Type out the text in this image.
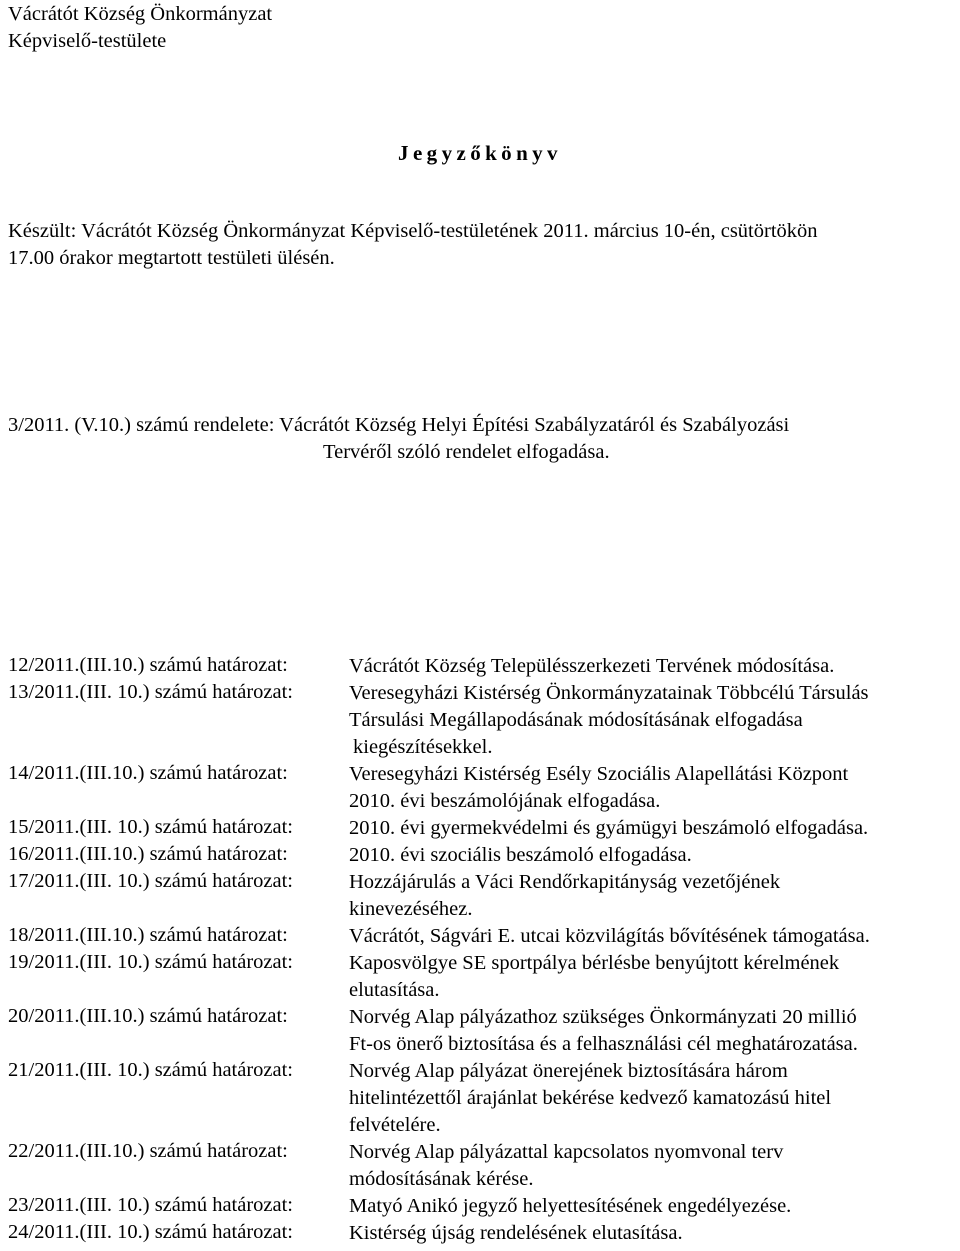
Vácrátót Község Önkormányzat
Képviselő-testülete
Jegyzőkönyv
Készült: Vácrátót Község Önkormányzat Képviselő-testületének 2011. március 10-én, csütörtökön
17.00 órakor megtartott testületi ülésén.
3/2011. (V.10.) számú rendelete: Vácrátót Község Helyi Építési Szabályzatáról és Szabályozási
Tervéről szóló rendelet elfogadása.
12/2011.(III.10.) számú határozat:	Vácrátót Község Településszerkezeti Tervének módosítása.
13/2011.(III. 10.) számú határozat:	Veresegyházi Kistérség Önkormányzatainak Többcélú Társulás
Társulási Megállapodásának módosításának elfogadása
kiegészítésekkel.
14/2011.(III.10.) számú határozat:	Veresegyházi Kistérség Esély Szociális Alapellátási Központ
2010. évi beszámolójának elfogadása.
15/2011.(III. 10.) számú határozat:	2010. évi gyermekvédelmi és gyámügyi beszámoló elfogadása.
16/2011.(III.10.) számú határozat:	2010. évi szociális beszámoló elfogadása.
17/2011.(III. 10.) számú határozat:	Hozzájárulás a Váci Rendőrkapitányság vezetőjének
kinevezéséhez.
18/2011.(III.10.) számú határozat:	Vácrátót, Ságvári E. utcai közvilágítás bővítésének támogatása.
19/2011.(III. 10.) számú határozat:	Kaposvölgye SE sportpálya bérlésbe benyújtott kérelmének
elutasítása.
20/2011.(III.10.) számú határozat:	Norvég Alap pályázathoz szükséges Önkormányzati 20 millió
Ft-os önerő biztosítása és a felhasználási cél meghatározatása.
21/2011.(III. 10.) számú határozat:	Norvég Alap pályázat önerejének biztosítására három
hitelintézettől árajánlat bekérése kedvező kamatozású hitel
felvételére.
22/2011.(III.10.) számú határozat:	Norvég Alap pályázattal kapcsolatos nyomvonal terv
módosításának kérése.
23/2011.(III. 10.) számú határozat:	Matyó Anikó jegyző helyettesítésének engedélyezése.
24/2011.(III. 10.) számú határozat:	Kistérség újság rendelésének elutasítása.
